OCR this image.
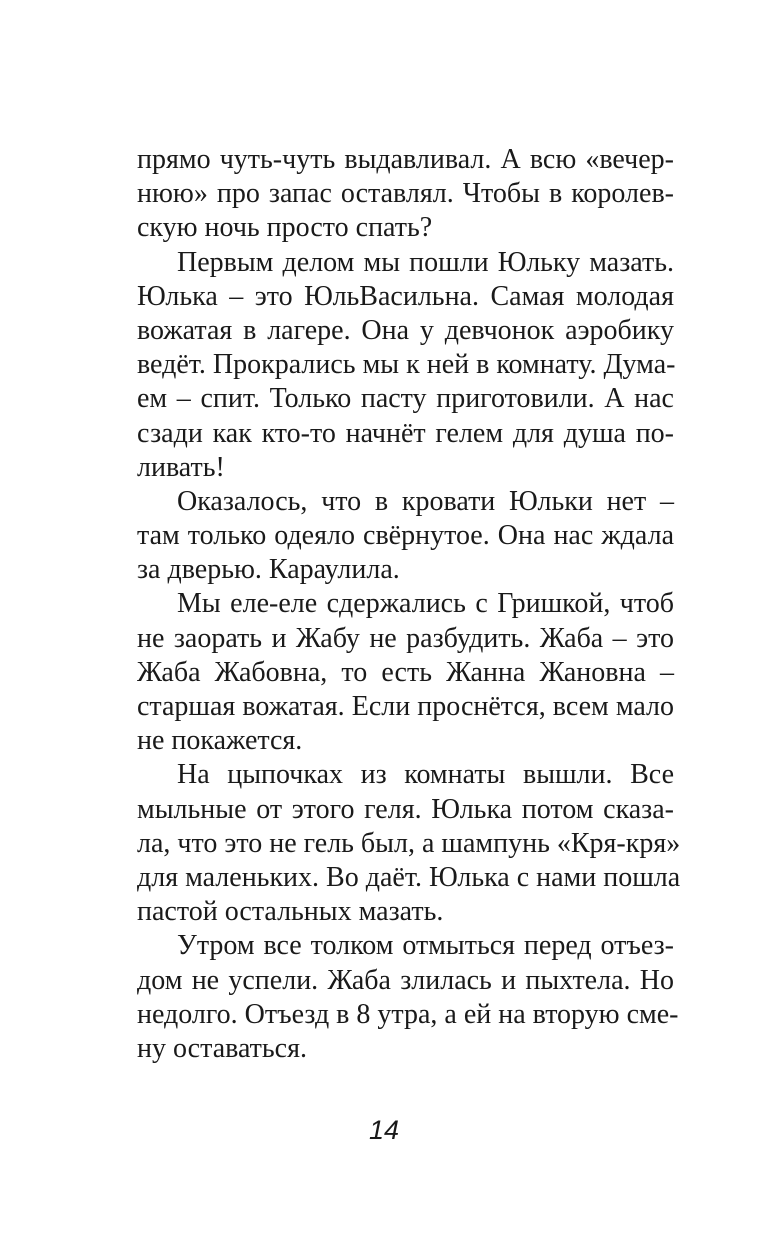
прямо чуть-чуть выдавливал. А всю «вечер-
нюю» про запас оставлял. Чтобы в королев-
скую ночь просто спать?
Первым делом мы пошли Юльку мазать.
Юлька – это ЮльВасильна. Самая молодая
вожатая в лагере. Она у девчонок аэробику
ведёт. Прокрались мы к ней в комнату. Дума-
ем – спит. Только пасту приготовили. А нас
сзади как кто-то начнёт гелем для душа по-
ливать!
Оказалось, что в кровати Юльки нет –
там только одеяло свёрнутое. Она нас ждала
за дверью. Караулила.
Мы еле-еле сдержались с Гришкой, чтоб
не заорать и Жабу не разбудить. Жаба – это
Жаба Жабовна, то есть Жанна Жановна –
старшая вожатая. Если проснётся, всем мало
не покажется.
На цыпочках из комнаты вышли. Все
мыльные от этого геля. Юлька потом сказа-
ла, что это не гель был, а шампунь «Кря-кря»
для маленьких. Во даёт. Юлька с нами пошла
пастой остальных мазать.
Утром все толком отмыться перед отъез-
дом не успели. Жаба злилась и пыхтела. Но
недолго. Отъезд в 8 утра, а ей на вторую сме-
ну оставаться.
14
